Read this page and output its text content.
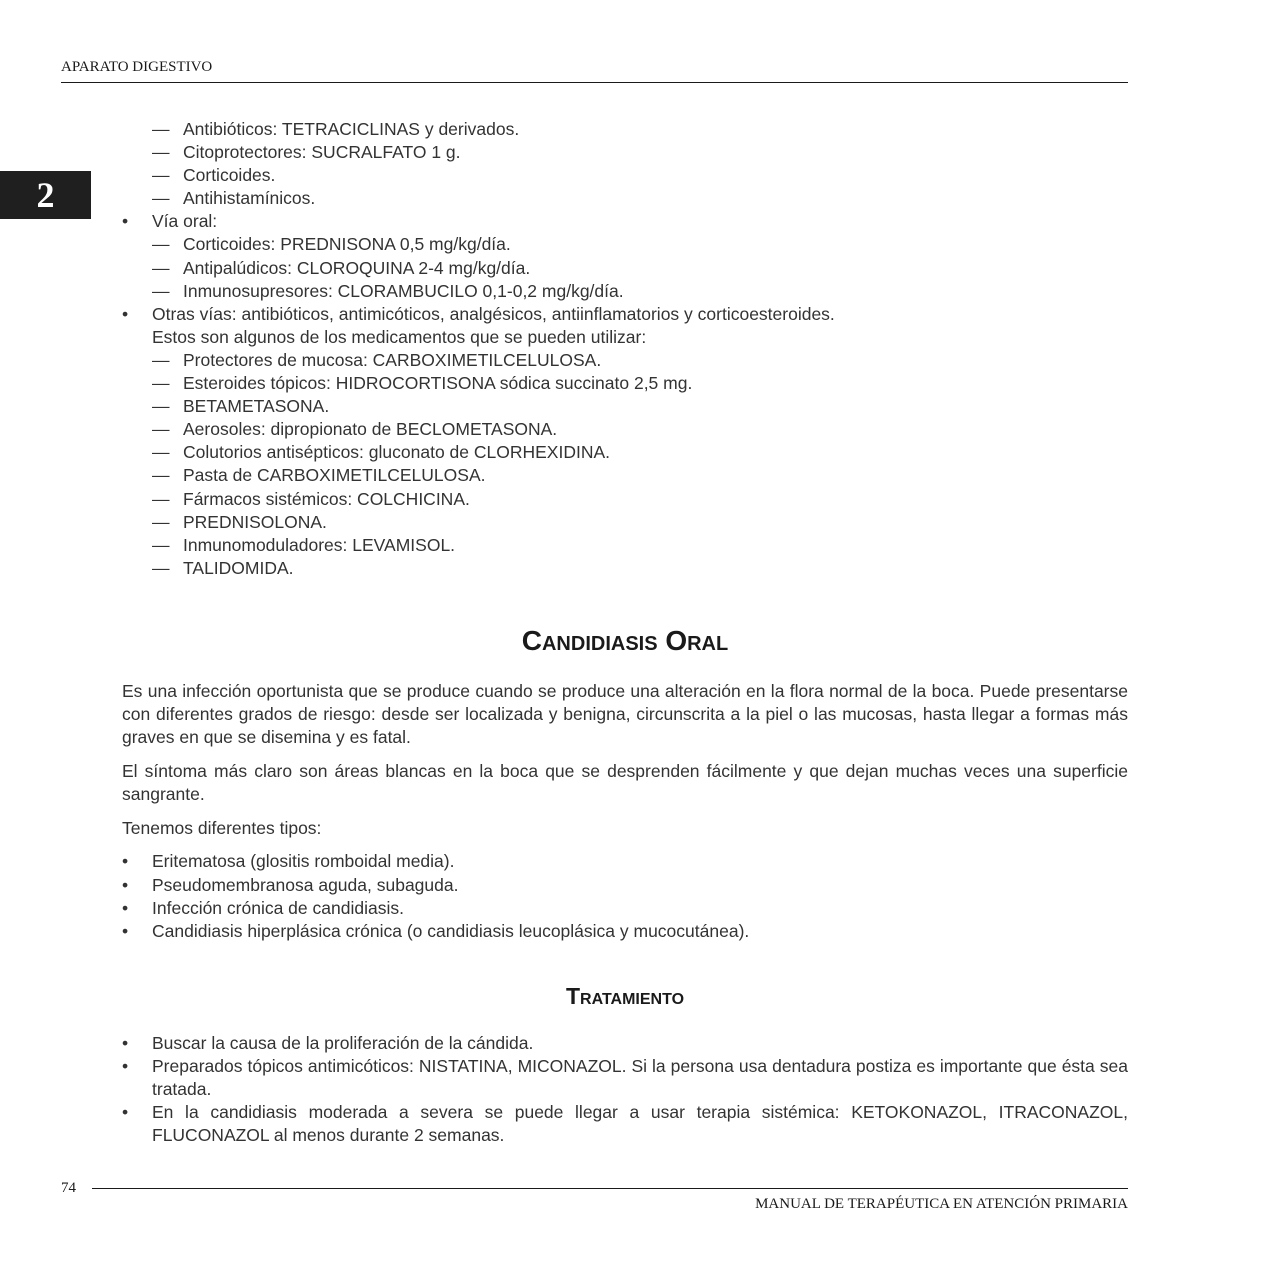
APARATO DIGESTIVO
2
— Antibióticos: TETRACICLINAS y derivados.
— Citoprotectores: SUCRALFATO 1 g.
— Corticoides.
— Antihistamínicos.
• Vía oral:
— Corticoides: PREDNISONA 0,5 mg/kg/día.
— Antipalúdicos: CLOROQUINA 2-4 mg/kg/día.
— Inmunosupresores: CLORAMBUCILO 0,1-0,2 mg/kg/día.
• Otras vías: antibióticos, antimicóticos, analgésicos, antiinflamatorios y corticoesteroides.
Estos son algunos de los medicamentos que se pueden utilizar:
— Protectores de mucosa: CARBOXIMETILCELULOSA.
— Esteroides tópicos: HIDROCORTISONA sódica succinato 2,5 mg.
— BETAMETASONA.
— Aerosoles: dipropionato de BECLOMETASONA.
— Colutorios antisépticos: gluconato de CLORHEXIDINA.
— Pasta de CARBOXIMETILCELULOSA.
— Fármacos sistémicos: COLCHICINA.
— PREDNISOLONA.
— Inmunomoduladores: LEVAMISOL.
— TALIDOMIDA.
Candidiasis Oral

Es una infección oportunista que se produce cuando se produce una alteración en la flora normal de la boca. Puede presentarse con diferentes grados de riesgo: desde ser localizada y benigna, circunscrita a la piel o las mucosas, hasta llegar a formas más graves en que se disemina y es fatal.

El síntoma más claro son áreas blancas en la boca que se desprenden fácilmente y que dejan muchas veces una superficie sangrante.

Tenemos diferentes tipos:

• Eritematosa (glositis romboidal media).
• Pseudomembranosa aguda, subaguda.
• Infección crónica de candidiasis.
• Candidiasis hiperplásica crónica (o candidiasis leucoplásica y mucocutánea).
Tratamiento
• Buscar la causa de la proliferación de la cándida.
• Preparados tópicos antimicóticos: NISTATINA, MICONAZOL. Si la persona usa dentadura postiza es importante que ésta sea tratada.
• En la candidiasis moderada a severa se puede llegar a usar terapia sistémica: KETOKONAZOL, ITRACONAZOL, FLUCONAZOL al menos durante 2 semanas.
74
MANUAL DE TERAPÉUTICA EN ATENCIÓN PRIMARIA
